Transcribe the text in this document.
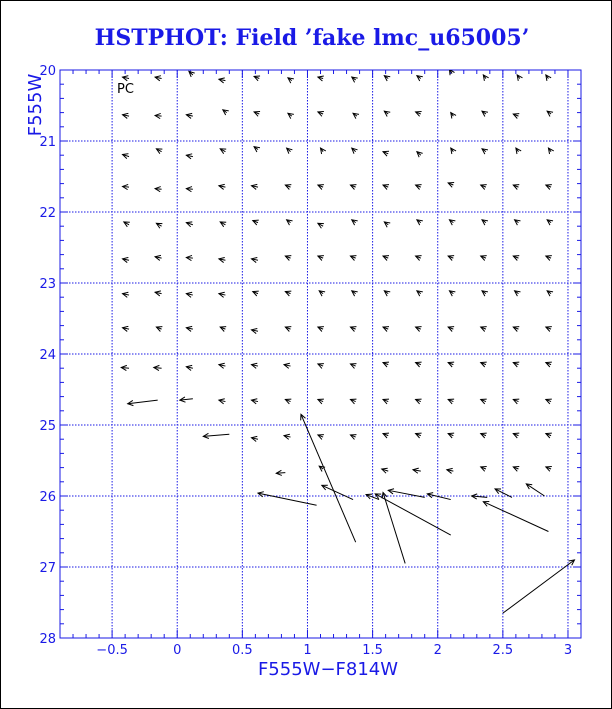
HSTPHOT: Field ’fake lmc_u65005’
−0.5	0	0.5	1	1.5	2	2.5	3
20
21
22
23
24
25
26
27
28
PC
F555W−F814W
F555W
